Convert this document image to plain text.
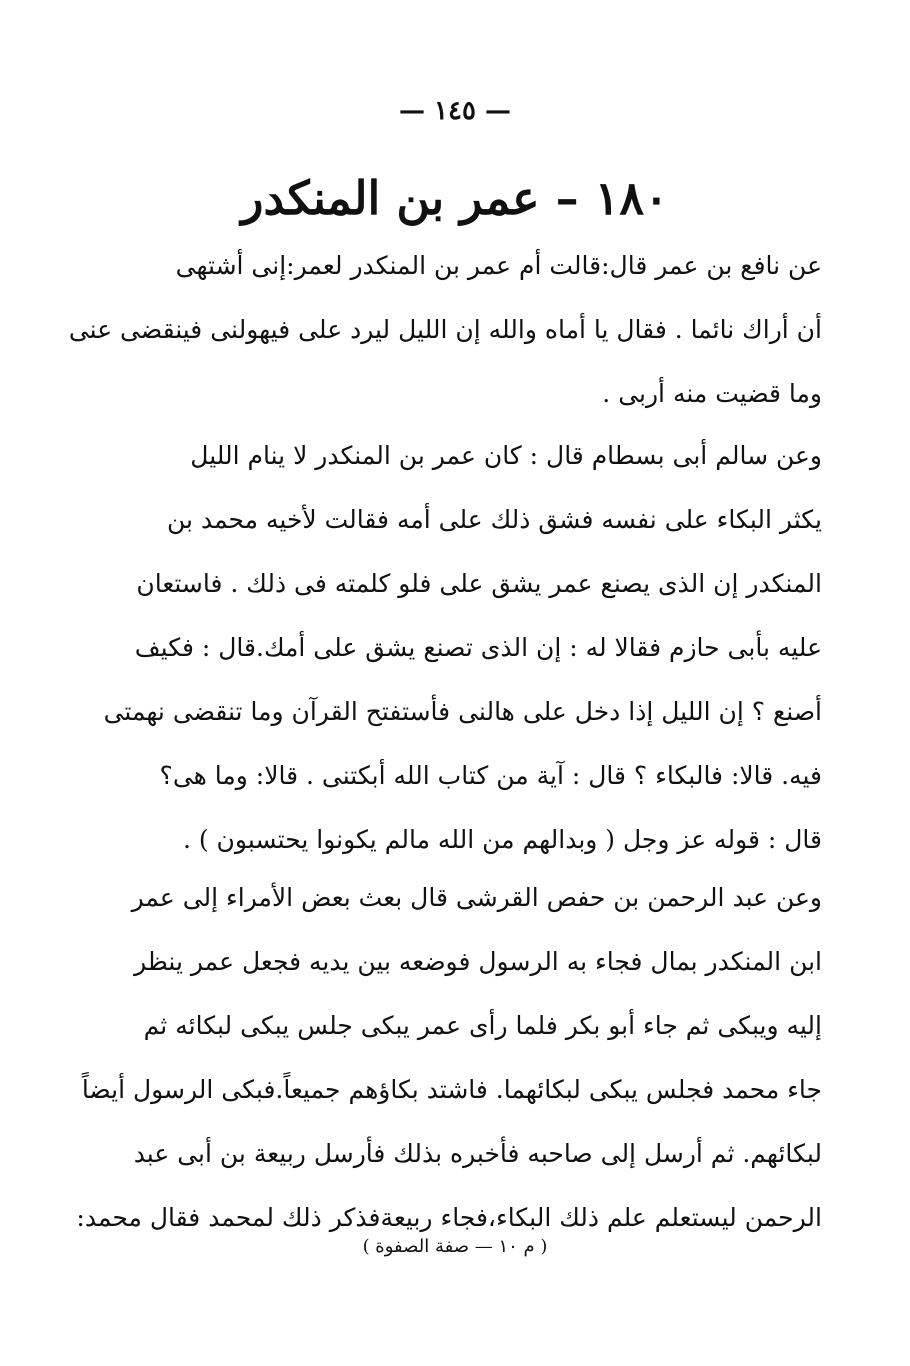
— ١٤٥ —
١٨٠ – عمر بن المنكدر

عن نافع بن عمر قال:قالت أم عمر بن المنكدر لعمر:إنى أشتهى
أن أراك نائما . فقال يا أماه والله إن الليل ليرد على فيهولنى فينقضى عنى
وما قضيت منه أربى .

وعن سالم أبى بسطام قال : كان عمر بن المنكدر لا ينام الليل
يكثر البكاء على نفسه فشق ذلك على أمه فقالت لأخيه محمد بن
المنكدر إن الذى يصنع عمر يشق على فلو كلمته فى ذلك . فاستعان
عليه بأبى حازم فقالا له : إن الذى تصنع يشق على أمك.قال : فكيف
أصنع ؟ إن الليل إذا دخل على هالنى فأستفتح القرآن وما تنقضى نهمتى
فيه. قالا: فالبكاء ؟ قال : آية من كتاب الله أبكتنى . قالا: وما هى؟
قال : قوله عز وجل ( وبدالهم من الله مالم يكونوا يحتسبون ) .

وعن عبد الرحمن بن حفص القرشى قال بعث بعض الأمراء إلى عمر
ابن المنكدر بمال فجاء به الرسول فوضعه بين يديه فجعل عمر ينظر
إليه ويبكى ثم جاء أبو بكر فلما رأى عمر يبكى جلس يبكى لبكائه ثم
جاء محمد فجلس يبكى لبكائهما. فاشتد بكاؤهم جميعاً.فبكى الرسول أيضاً
لبكائهم. ثم أرسل إلى صاحبه فأخبره بذلك فأرسل ربيعة بن أبى عبد
الرحمن ليستعلم علم ذلك البكاء،فجاء ربيعةفذكر ذلك لمحمد فقال محمد:

( م ١٠ — صفة الصفوة )
